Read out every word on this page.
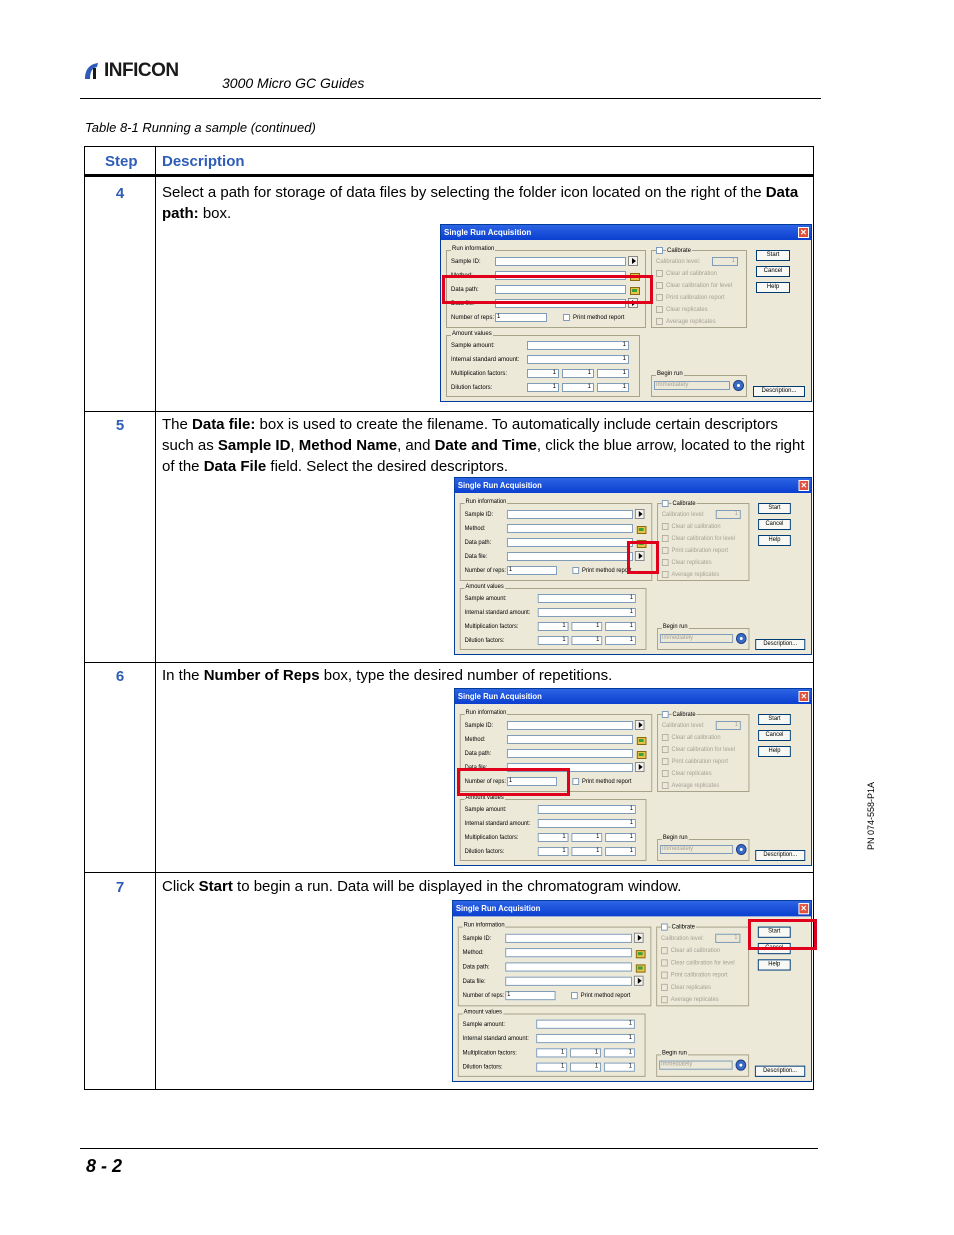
INFICON
3000 Micro GC Guides
Table 8-1 Running a sample (continued)
Step Description
4	Select a path for storage of data files by selecting the folder icon located on the right of the Data path: box.
5	The Data file: box is used to create the filename. To automatically include certain descriptors such as Sample ID, Method Name, and Date and Time, click the blue arrow, located to the right of the Data File field. Select the desired descriptors.
6	In the Number of Reps box, type the desired number of repetitions.
7	Click Start to begin a run. Data will be displayed in the chromatogram window.
Single Run Acquisition	✕
Run information
Sample ID:
Method:
Data path:
Data file:
Number of reps: 1	Print method report
Calibrate
Calibration level:	1
Clear all calibration
Clear calibration for level
Print calibration report
Clear replicates
Average replicates
Start
Cancel
Help
Amount values
Sample amount:	1
Internal standard amount:	1
Multiplication factors:	1	1	1
Dilution factors:	1	1	1
Begin run
Immediately
Description...
Single Run Acquisition	✕
Run information
Sample ID:
Method:
Data path:
Data file:
Number of reps: 1	Print method report
Calibrate
Calibration level:	1
Clear all calibration
Clear calibration for level
Print calibration report
Clear replicates
Average replicates
Start
Cancel
Help
Amount values
Sample amount:	1
Internal standard amount:	1
Multiplication factors:	1	1	1
Dilution factors:	1	1	1
Begin run
Immediately
Description...
Single Run Acquisition	✕
Run information
Sample ID:
Method:
Data path:
Data file:
Number of reps: 1	Print method report
Calibrate
Calibration level:	1
Clear all calibration
Clear calibration for level
Print calibration report
Clear replicates
Average replicates
Start
Cancel
Help
Amount values
Sample amount:	1
Internal standard amount:	1
Multiplication factors:	1	1	1
Dilution factors:	1	1	1
Begin run
Immediately
Description...
Single Run Acquisition	✕
Run information
Sample ID:
Method:
Data path:
Data file:
Number of reps: 1	Print method report
Calibrate
Calibration level:	1
Clear all calibration
Clear calibration for level
Print calibration report
Clear replicates
Average replicates
Start
Cancel
Help
Amount values
Sample amount:	1
Internal standard amount:	1
Multiplication factors:	1	1	1
Dilution factors:	1	1	1
Begin run
Immediately
Description...
PN 074-558-P1A
8 - 2
